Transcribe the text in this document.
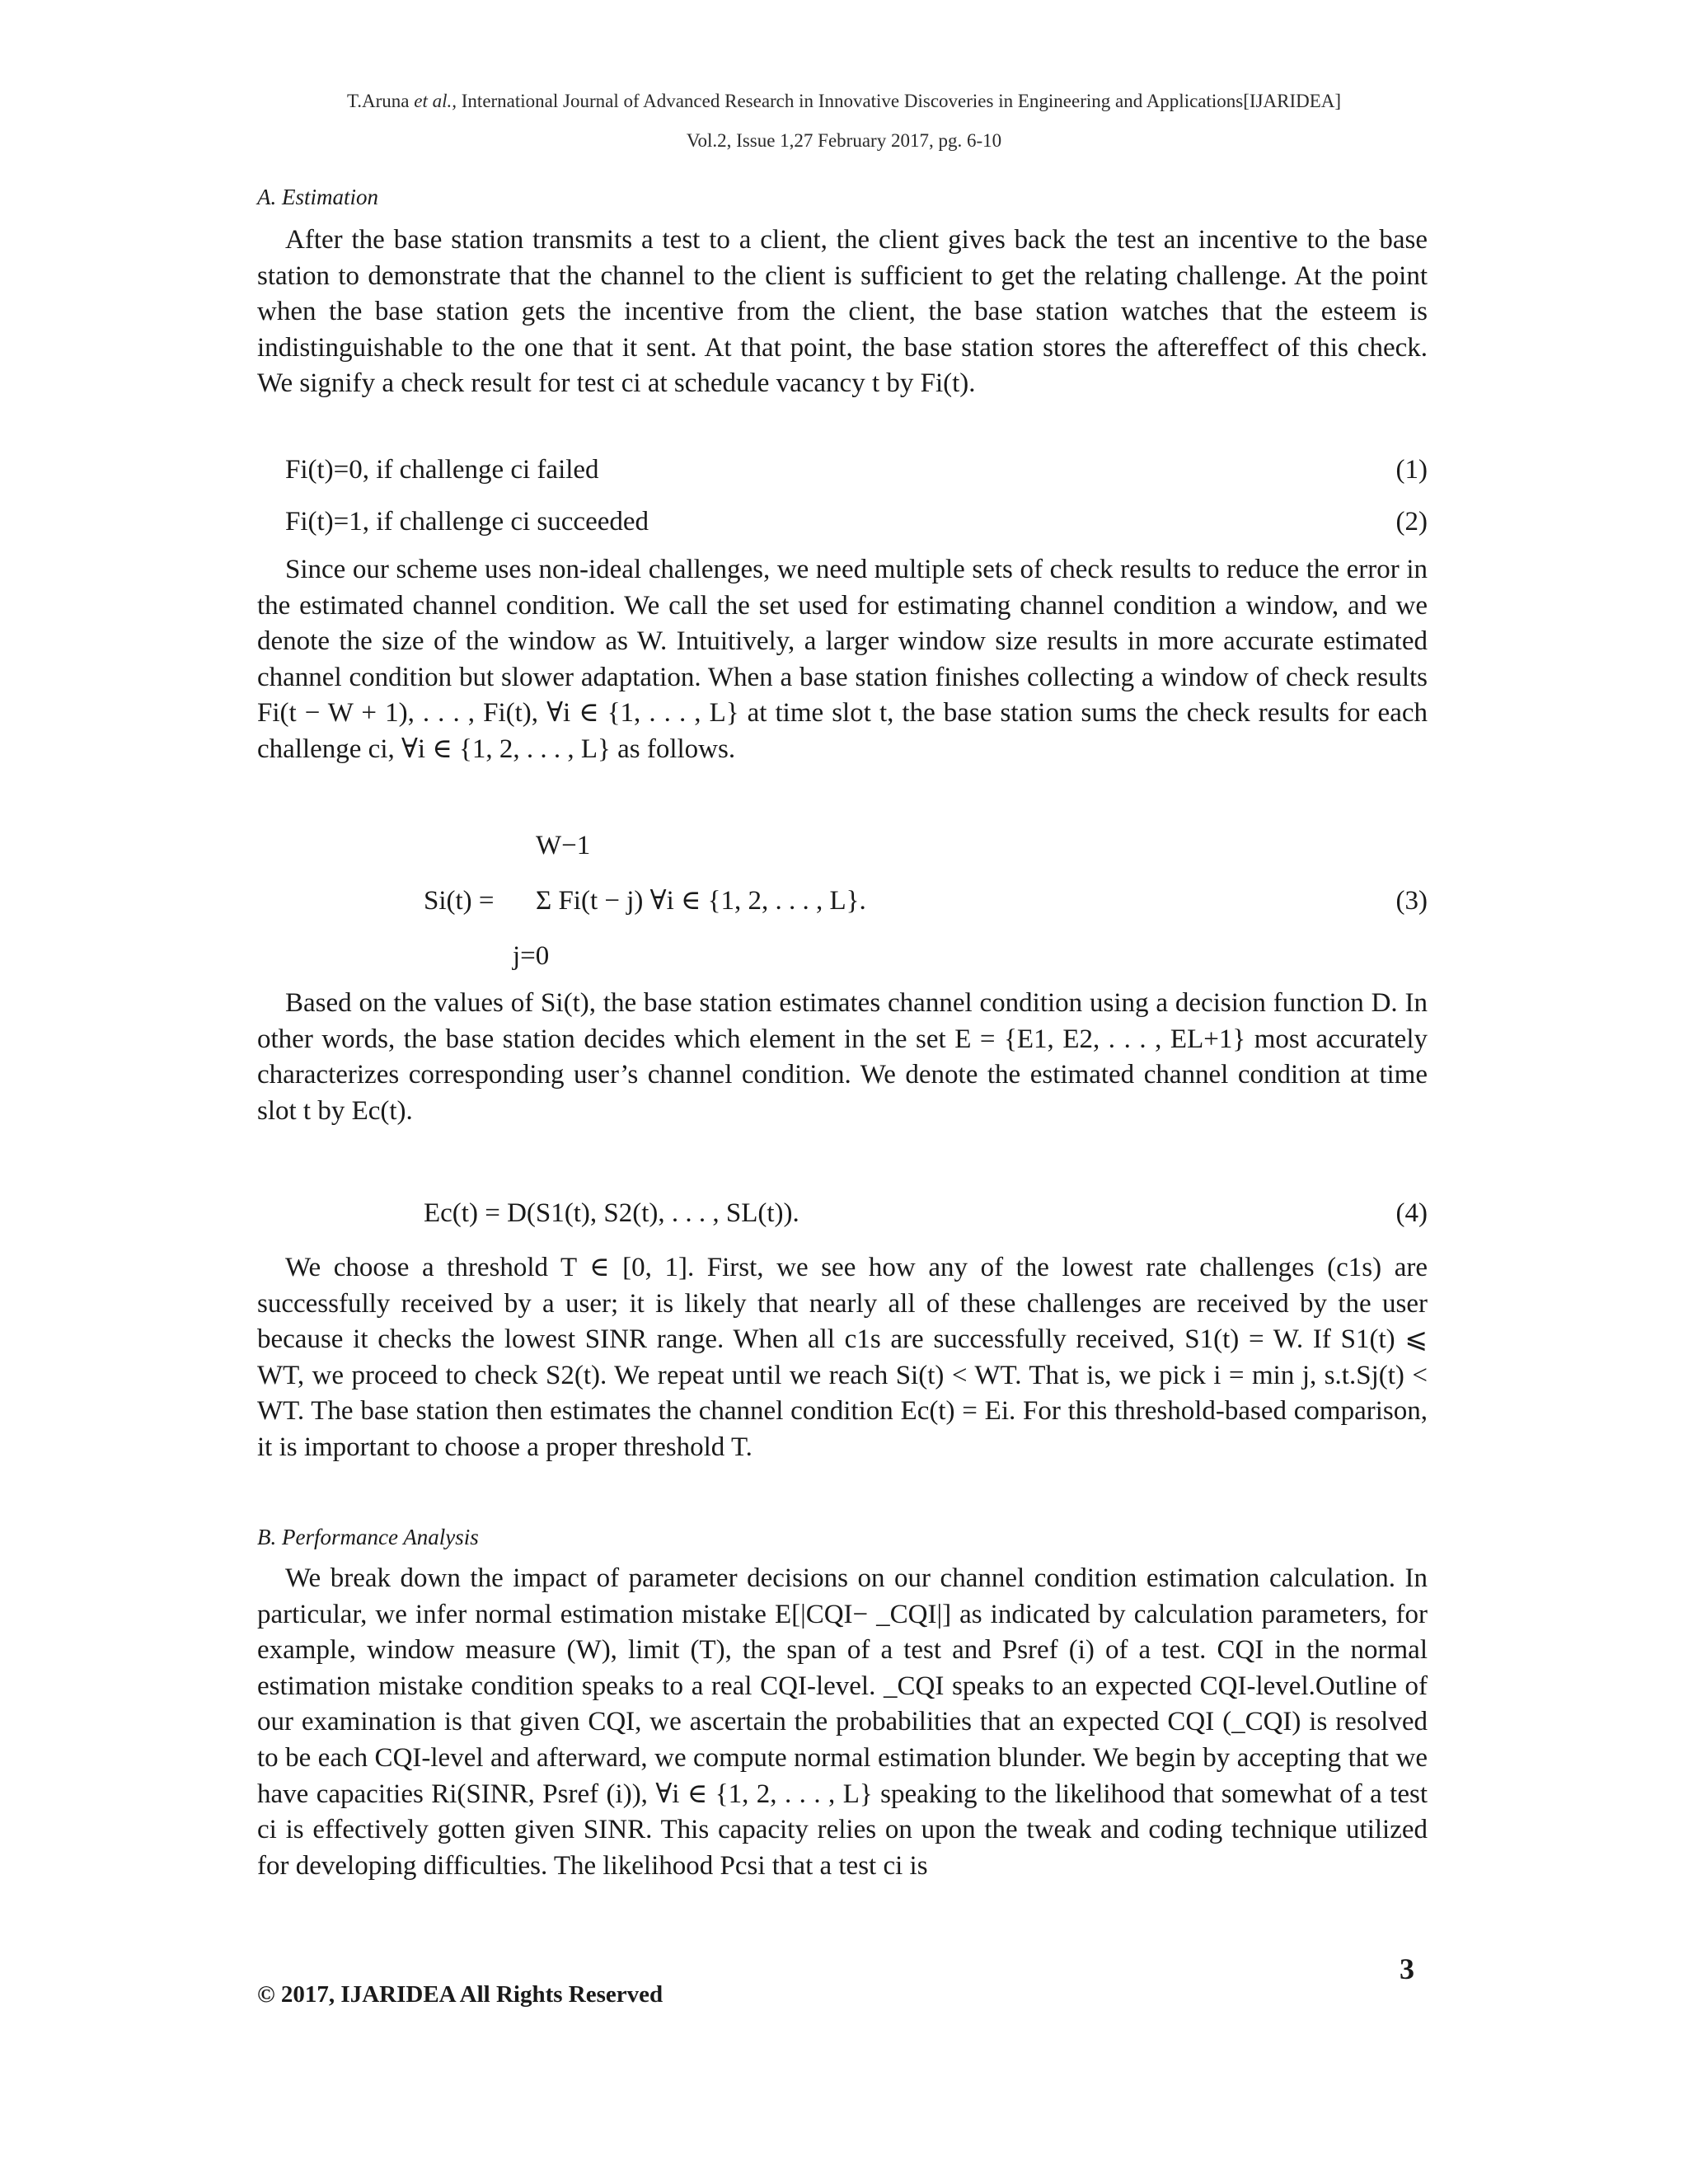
T.Aruna et al., International Journal of Advanced Research in Innovative Discoveries in Engineering and Applications[IJARIDEA]
Vol.2, Issue 1,27 February 2017, pg. 6-10
A. Estimation
After the base station transmits a test to a client, the client gives back the test an incentive to the base station to demonstrate that the channel to the client is sufficient to get the relating challenge. At the point when the base station gets the incentive from the client, the base station watches that the esteem is indistinguishable to the one that it sent. At that point, the base station stores the aftereffect of this check. We signify a check result for test ci at schedule vacancy t by Fi(t).
Fi(t)=0, if challenge ci failed	(1)
Fi(t)=1, if challenge ci succeeded	(2)
Since our scheme uses non-ideal challenges, we need multiple sets of check results to reduce the error in the estimated channel condition. We call the set used for estimating channel condition a window, and we denote the size of the window as W. Intuitively, a larger window size results in more accurate estimated channel condition but slower adaptation. When a base station finishes collecting a window of check results Fi(t − W + 1), . . . , Fi(t), ∀i ∈ {1, . . . , L} at time slot t, the base station sums the check results for each challenge ci, ∀i ∈ {1, 2, . . . , L} as follows.
W−1
Si(t) = Σ Fi(t − j) ∀i ∈ {1, 2, . . . , L}.
j=0
(3)
Based on the values of Si(t), the base station estimates channel condition using a decision function D. In other words, the base station decides which element in the set E = {E1, E2, . . . , EL+1} most accurately characterizes corresponding user’s channel condition. We denote the estimated channel condition at time slot t by Ec(t).
Ec(t) = D(S1(t), S2(t), . . . , SL(t)).	(4)
We choose a threshold T ∈ [0, 1]. First, we see how any of the lowest rate challenges (c1s) are successfully received by a user; it is likely that nearly all of these challenges are received by the user because it checks the lowest SINR range. When all c1s are successfully received, S1(t) = W. If S1(t) ⩽ WT, we proceed to check S2(t). We repeat until we reach Si(t) < WT. That is, we pick i = min j, s.t.Sj(t) < WT. The base station then estimates the channel condition Ec(t) = Ei. For this threshold-based comparison, it is important to choose a proper threshold T.
B. Performance Analysis
We break down the impact of parameter decisions on our channel condition estimation calculation. In particular, we infer normal estimation mistake E[|CQI− _CQI|] as indicated by calculation parameters, for example, window measure (W), limit (T), the span of a test and Psref (i) of a test. CQI in the normal estimation mistake condition speaks to a real CQI-level. _CQI speaks to an expected CQI-level.Outline of our examination is that given CQI, we ascertain the probabilities that an expected CQI (_CQI) is resolved to be each CQI-level and afterward, we compute normal estimation blunder. We begin by accepting that we have capacities Ri(SINR, Psref (i)), ∀i ∈ {1, 2, . . . , L} speaking to the likelihood that somewhat of a test ci is effectively gotten given SINR. This capacity relies on upon the tweak and coding technique utilized for developing difficulties. The likelihood Pcsi that a test ci is
3
© 2017, IJARIDEA All Rights Reserved
